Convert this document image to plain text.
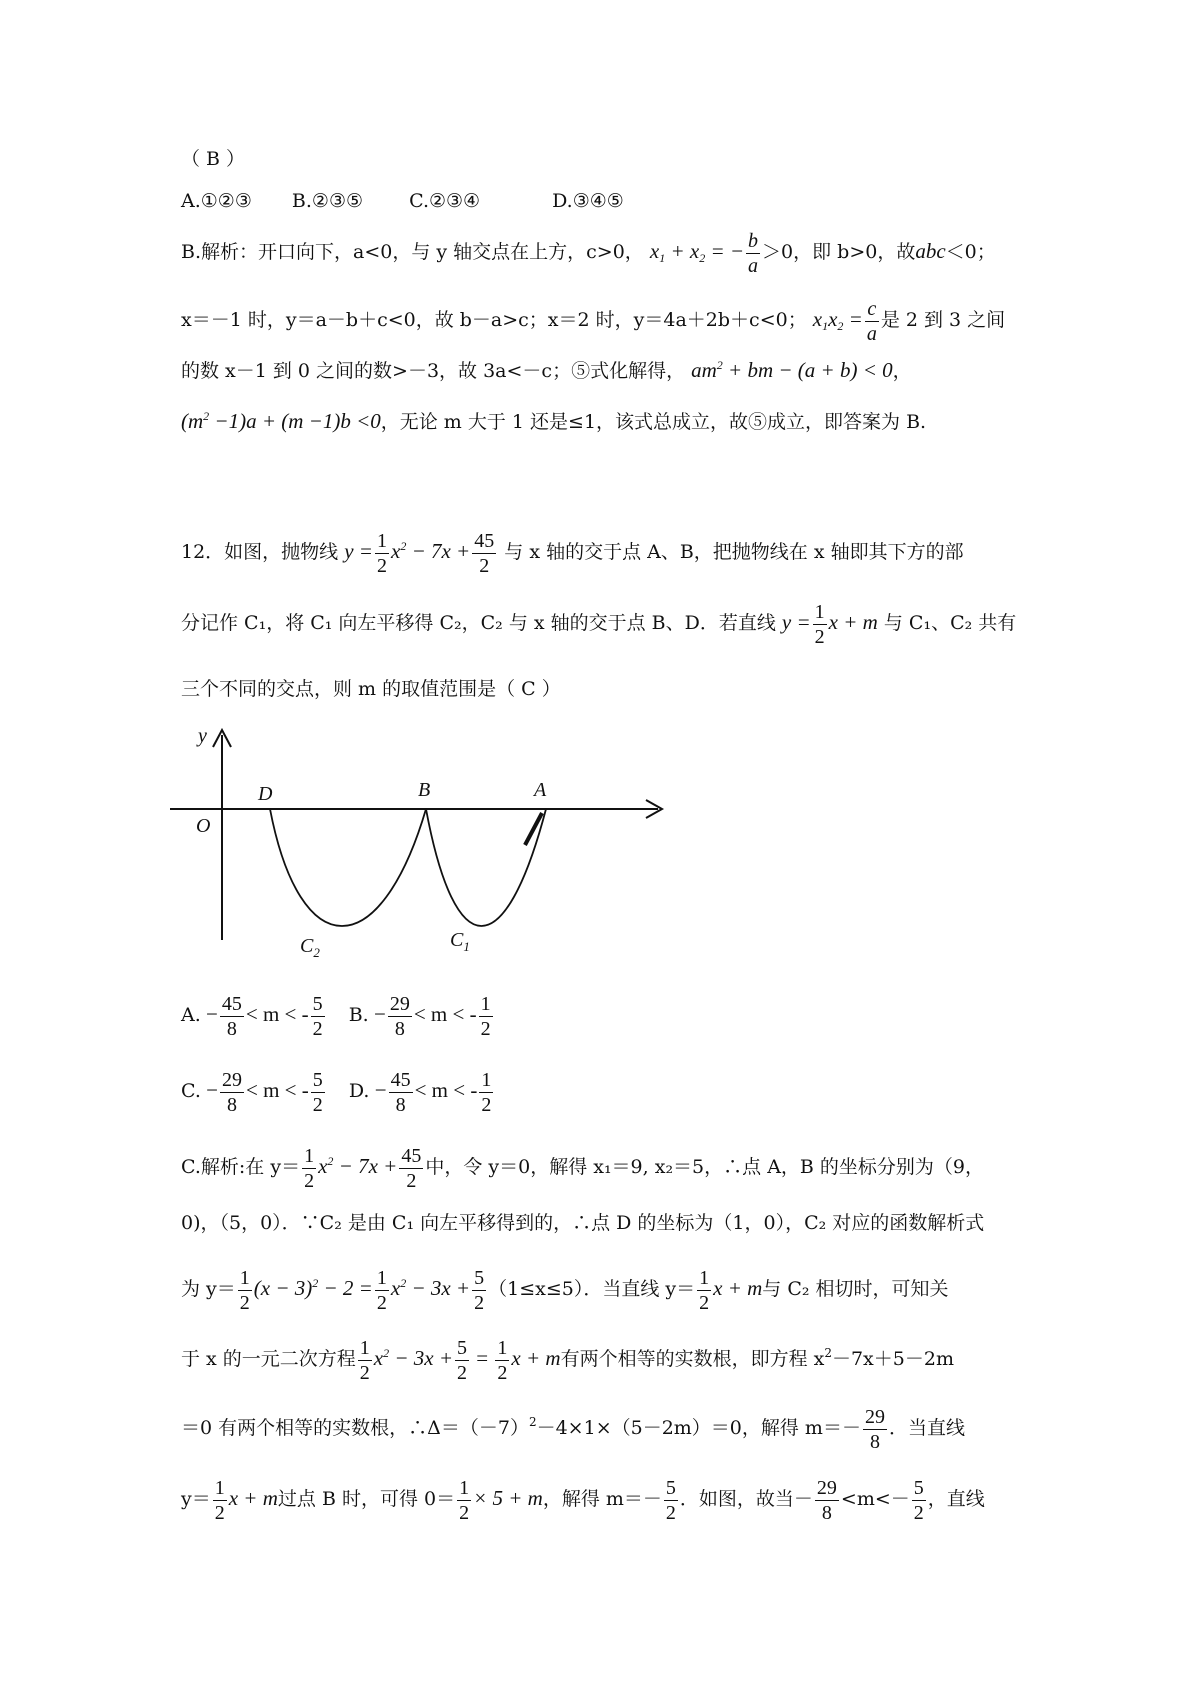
（ B ）
A.①②③ B.②③⑤ C.②③④	D.③④⑤
B.解析：开口向下，a<0，与 y 轴交点在上方，c>0， $x_1 + x_2$ = − $\frac{b}{a} >0$，即 b>0，故abc＜0；
x＝－1 时，y＝a－b＋c<0，故 b－a>c；x＝2 时，y＝4a＋2b＋c<0； $x_1x_2 = \frac{c}{a}$ 是 2 到 3 之间
的数 x－1 到 0 之间的数>－3，故 3a<－c；⑤式化解得， $am^2$ + bm − (a + b) < 0，
$(m^2 -1)a + (m -1)b <0$，无论 m 大于 1 还是≤1，该式总成立，故⑤成立，即答案为 B.
12．如图，抛物线 $y = \frac{1}{2} x^2 - 7x + \frac{45}{2}$ 与 x 轴的交于点 A、B，把抛物线在 x 轴即其下方的部
分记作 C₁，将 C₁ 向左平移得 C₂，C₂ 与 x 轴的交于点 B、D．若直线 $y = \frac{1}{2}$ x + m 与 C₁、C₂ 共有
三个不同的交点，则 m 的取值范围是（ C ）
y
O
D	B	A
$C_2$
$C_1$
A. − $\frac{45}{8} < m$ < - $\frac{5}{2} B$. − $\frac{29}{8} < m$ < - $\frac{1}{2}$
C. − $\frac{29}{8} < m$ < - $\frac{5}{2} D$. − $\frac{45}{8} < m$ < - $\frac{1}{2}$
C.解析:在 $y= \frac{1}{2} x^2 - 7x + \frac{45}{2}$ 中，令 y＝0，解得 x₁＝9, x₂＝5，∴点 A，B 的坐标分别为（9，
0)，（5，0）．∵C₂ 是由 C₁ 向左平移得到的，∴点 D 的坐标为（1，0），C₂ 对应的函数解析式
为 $y= \frac{1}{2} (x - 3)^2 - 2 = \frac{1}{2} x^2 - 3x + \frac{5}{2} (1\le x\le 5)$．当直线 $y= \frac{1}{2}$ x + m与 C₂ 相切时，可知关
于 x 的一元二次方程 $\frac{1}{2} x^2 - 3x + \frac{5}{2} = \frac{1}{2}$ x + m有两个相等的实数根，即方程 $x^2-7x+5-2m$
＝0 有两个相等的实数根，$\therefore\Delta=(-7)^2-4\times 1\times(5-2m)=0$，解得 $m=- \frac{29}{8}$ ．当直线
$y= \frac{1}{2}$ x + m过点 B 时，可得 $0= \frac{1}{2} \times 5 + m$，解得 $m=- \frac{5}{2}$ ．如图，故当－ $\frac{29}{8} <m<- \frac{5}{2}$ ，直线
